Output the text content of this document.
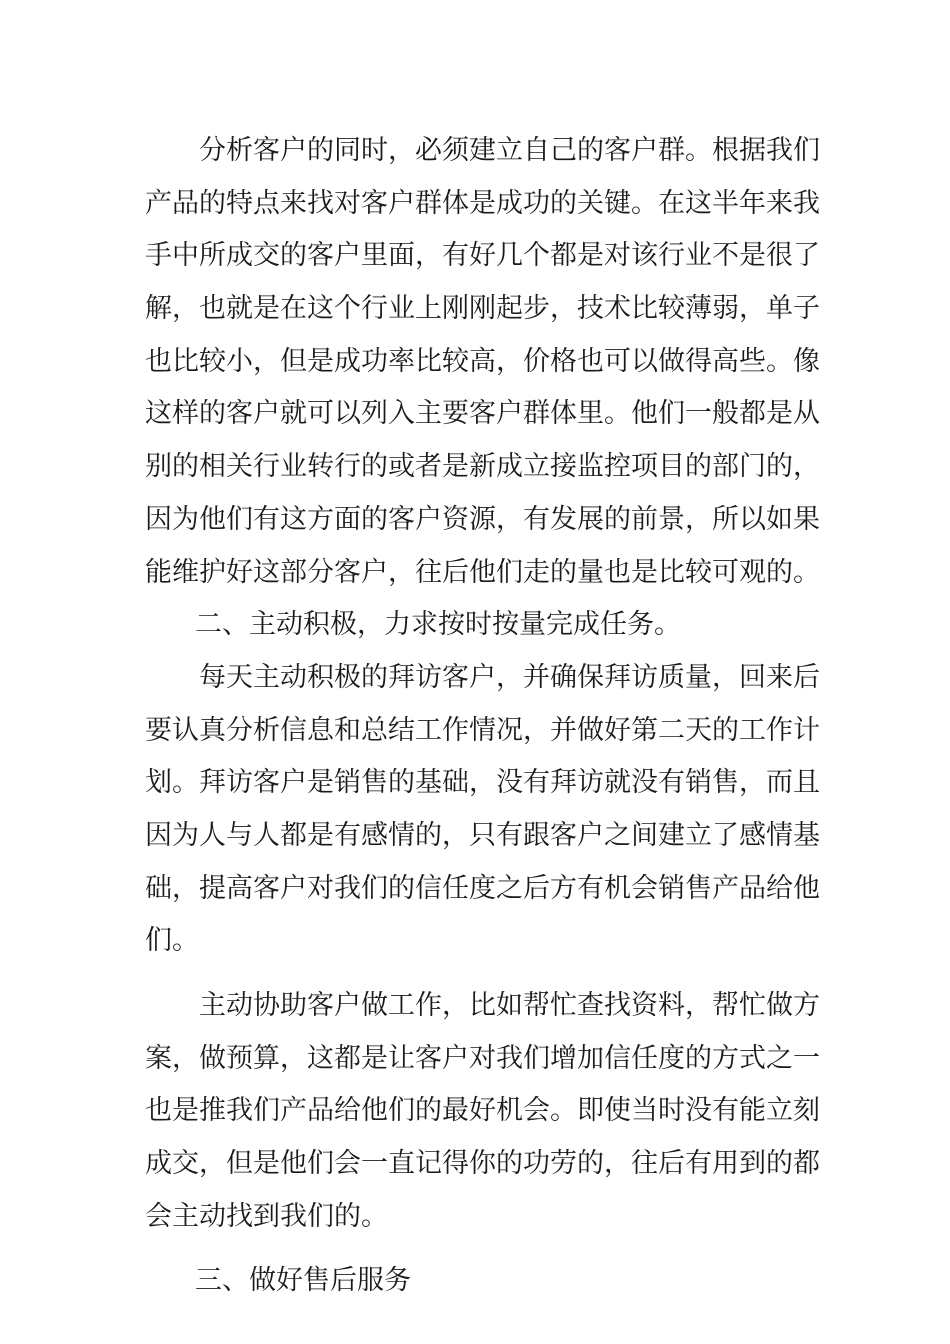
分析客户的同时，必须建立自己的客户群。根据我们
产品的特点来找对客户群体是成功的关键。在这半年来我
手中所成交的客户里面，有好几个都是对该行业不是很了
解，也就是在这个行业上刚刚起步，技术比较薄弱，单子
也比较小，但是成功率比较高，价格也可以做得高些。像
这样的客户就可以列入主要客户群体里。他们一般都是从
别的相关行业转行的或者是新成立接监控项目的部门的，
因为他们有这方面的客户资源，有发展的前景，所以如果
能维护好这部分客户，往后他们走的量也是比较可观的。
二、主动积极，力求按时按量完成任务。
每天主动积极的拜访客户，并确保拜访质量，回来后
要认真分析信息和总结工作情况，并做好第二天的工作计
划。拜访客户是销售的基础，没有拜访就没有销售，而且
因为人与人都是有感情的，只有跟客户之间建立了感情基
础，提高客户对我们的信任度之后方有机会销售产品给他
们。
主动协助客户做工作，比如帮忙查找资料，帮忙做方
案，做预算，这都是让客户对我们增加信任度的方式之一
也是推我们产品给他们的最好机会。即使当时没有能立刻
成交，但是他们会一直记得你的功劳的，往后有用到的都
会主动找到我们的。
三、做好售后服务
